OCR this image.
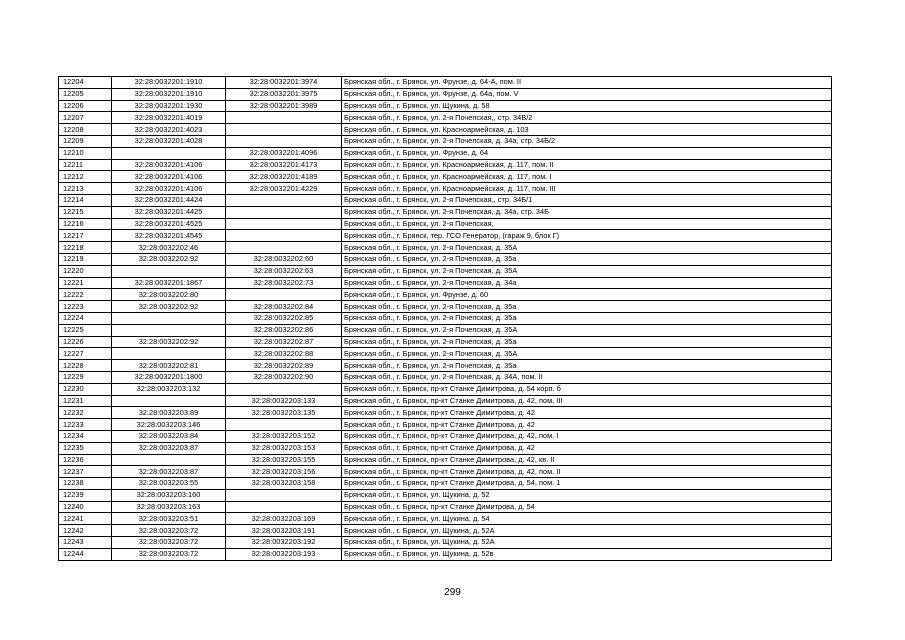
12204	32:28:0032201:1910	32:28:0032201:3974	Брянская обл., г. Брянск, ул. Фрунзе, д. 64-А, пом. II
12205	32:28:0032201:1910	32:28:0032201:3975	Брянская обл., г. Брянск, ул. Фрунзе, д. 64а, пом. V
12206	32:28:0032201:1930	32:28:0032201:3989	Брянская обл., г. Брянск, ул. Щукина, д. 58
12207	32:28:0032201:4019		Брянская обл., г. Брянск, ул. 2-я Почепская,, стр. 34В/2
12208	32:28:0032201:4023		Брянская обл., г. Брянск, ул. Красноармейская, д. 103
12209	32:28:0032201:4028		Брянская обл., г. Брянск, ул. 2-я Почепская, д. 34а, стр. 34Б/2
12210		32:28:0032201:4096	Брянская обл., г. Брянск, ул. Фрунзе, д. 64
12211	32:28:0032201:4106	32:28:0032201:4173	Брянская обл., г. Брянск, ул. Красноармейская, д. 117, пом. II
12212	32:28:0032201:4106	32:28:0032201:4189	Брянская обл., г. Брянск, ул. Красноармейская, д. 117, пом. I
12213	32:28:0032201:4106	32:28:0032201:4229	Брянская обл., г. Брянск, ул. Красноармейская, д. 117, пом. III
12214	32:28:0032201:4424		Брянская обл., г. Брянск, ул. 2-я Почепская,, стр. 34Б/1
12215	32:28:0032201:4425		Брянская обл., г. Брянск, ул. 2-я Почепская, д. 34а, стр. 34Б
12216	32:28:0032201:4525		Брянская обл., г. Брянск, ул. 2-я Почепская,
12217	32:28:0032201:4545		Брянская обл., г. Брянск, тер. ГСО Генератор, (гараж 9, блок Г)
12218	32:28:0032202:46		Брянская обл., г. Брянск, ул. 2-я Почепская, д. 35А
12219	32:28:0032202:92	32:28:0032202:60	Брянская обл., г. Брянск, ул. 2-я Почепская, д. 35а
12220		32:28:0032202:63	Брянская обл., г. Брянск, ул. 2-я Почепская, д. 35А
12221	32:28:0032201:1867	32:28:0032202:73	Брянская обл., г. Брянск, ул. 2-я Почепская, д. 34а
12222	32:28:0032202:80		Брянская обл., г. Брянск, ул. Фрунзе, д. 60
12223	32:28:0032202:92	32:28:0032202:84	Брянская обл., г. Брянск, ул. 2-я Почепская, д. 35а
12224		32:28:0032202:85	Брянская обл., г. Брянск, ул. 2-я Почепская, д. 35а
12225		32:28:0032202:86	Брянская обл., г. Брянск, ул. 2-я Почепская, д. 35А
12226	32:28:0032202:92	32:28:0032202:87	Брянская обл., г. Брянск, ул. 2-я Почепская, д. 35а
12227		32:28:0032202:88	Брянская обл., г. Брянск, ул. 2-я Почепская, д. 35А
12228	32:28:0032202:81	32:28:0032202:89	Брянская обл., г. Брянск, ул. 2-я Почепская, д. 35а
12229	32:28:0032201:1800	32:28:0032202:90	Брянская обл., г. Брянск, ул. 2-я Почепская, д. 34А, пом. II
12230	32:28:0032203:132		Брянская обл., г. Брянск, пр-кт Станке Димитрова, д. 54 корп. б
12231		32:28:0032203:133	Брянская обл., г. Брянск, пр-кт Станке Димитрова, д. 42, пом. III
12232	32:28:0032203:89	32:28:0032203:135	Брянская обл., г. Брянск, пр-кт Станке Димитрова, д. 42
12233	32:28:0032203:146		Брянская обл., г. Брянск, пр-кт Станке Димитрова, д. 42
12234	32:28:0032203:84	32:28:0032203:152	Брянская обл., г. Брянск, пр-кт Станке Димитрова, д. 42, пом. I
12235	32:28:0032203:87	32:28:0032203:153	Брянская обл., г. Брянск, пр-кт Станке Димитрова, д. 42
12236		32:28:0032203:155	Брянская обл., г. Брянск, пр-кт Станке Димитрова, д. 42, кв. II
12237	32:28:0032203:87	32:28:0032203:156	Брянская обл., г. Брянск, пр-кт Станке Димитрова, д. 42, пом. II
12238	32:28:0032203:55	32:28:0032203:158	Брянская обл., г. Брянск, пр-кт Станке Димитрова, д. 54, пом. 1
12239	32:28:0032203:160		Брянская обл., г. Брянск, ул. Щукина, д. 52
12240	32:28:0032203:163		Брянская обл., г. Брянск, пр-кт Станке Димитрова, д. 54
12241	32:28:0032203:51	32:28:0032203:169	Брянская обл., г. Брянск, ул. Щукина, д. 54
12242	32:28:0032203:72	32:28:0032203:191	Брянская обл., г. Брянск, ул. Щукина, д. 52А
12243	32:28:0032203:72	32:28:0032203:192	Брянская обл., г. Брянск, ул. Щукина, д. 52А
12244	32:28:0032203:72	32:28:0032203:193	Брянская обл., г. Брянск, ул. Щукина, д. 52в
299
